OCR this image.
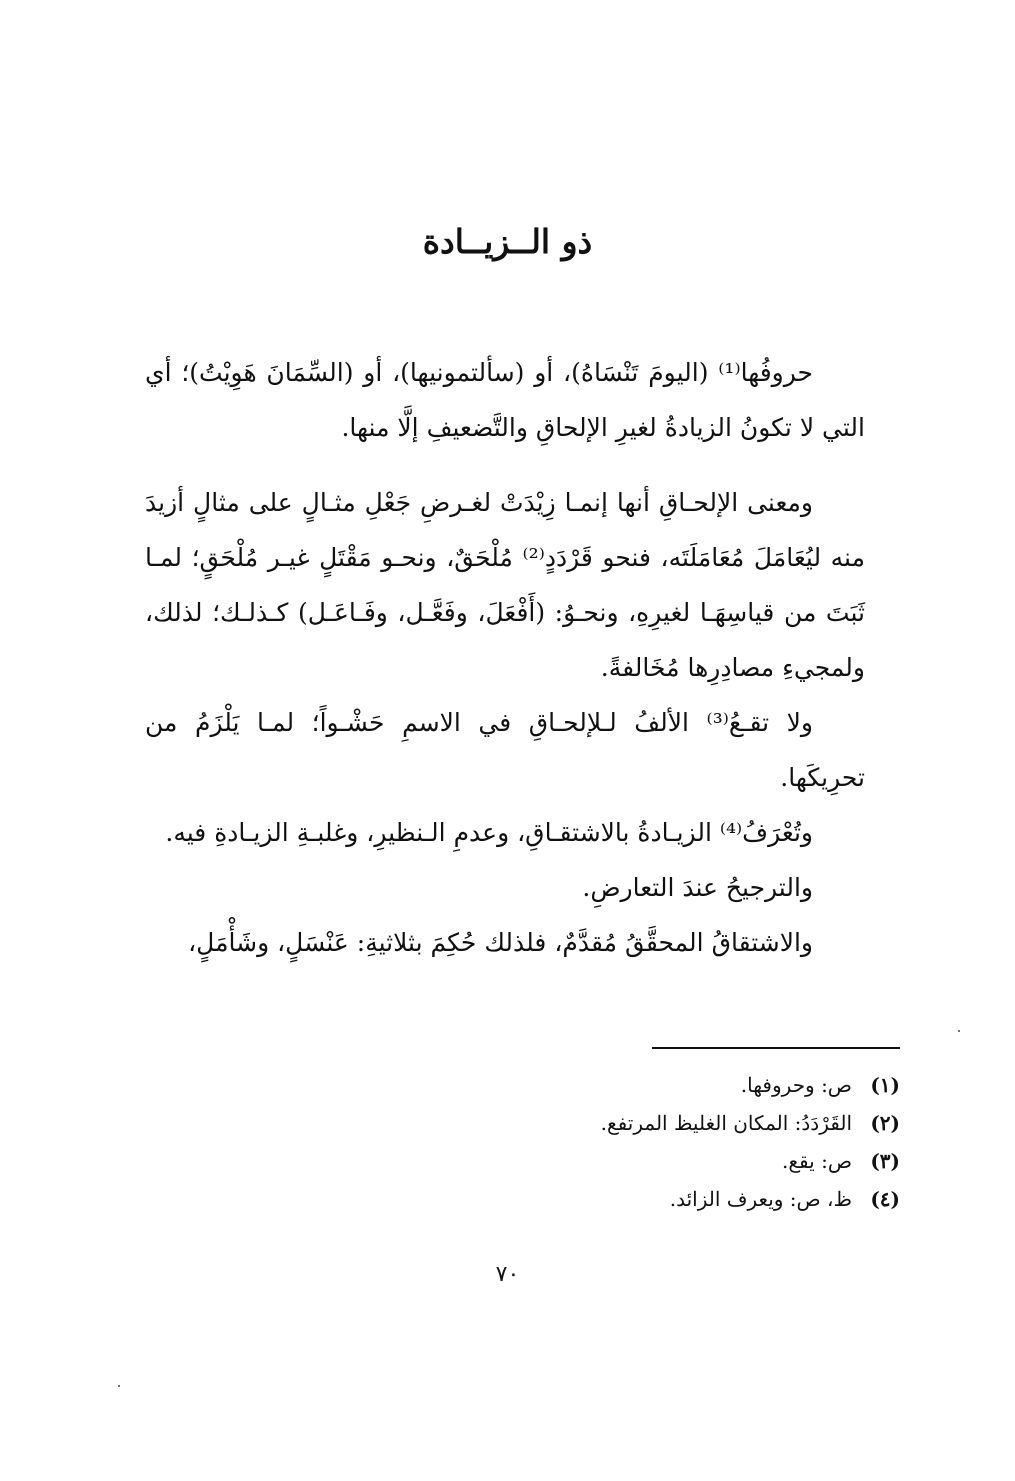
ذو الــزيــادة

حروفُها⁽¹⁾ (اليومَ تَنْسَاهُ)، أو (سألتمونيها)، أو (السِّمَانَ هَوِيْتُ)؛ أي التي لا تكونُ الزيادةُ لغيرِ الإلحاقِ والتَّضعيفِ إلَّا منها.

ومعنى الإلحـاقِ أنها إنمـا زِيْدَتْ لغـرضِ جَعْلِ مثـالٍ على مثالٍ أزيدَ منه ليُعَامَلَ مُعَامَلَتَه، فنحو قَرْدَدٍ⁽²⁾ مُلْحَقٌ، ونحـو مَقْتَلٍ غيـر مُلْحَقٍ؛ لمـا ثَبَتَ من قياسِهَـا لغيرِهِ، ونحـوُ: (أَفْعَلَ، وفَعَّـل، وفَـاعَـل) كـذلـك؛ لذلك، ولمجيءِ مصادِرِها مُخَالفةً.

ولا تقـعُ⁽³⁾ الألفُ لـلإلحـاقِ في الاسمِ حَشْـواً؛ لمـا يَلْزَمُ من تحرِيكَها.

وتُعْرَفُ⁽⁴⁾ الزيـادةُ بالاشتقـاقِ، وعدمِ الـنظيرِ، وغلبـةِ الزيـادةِ فيه.

والترجيحُ عندَ التعارضِ.

والاشتقاقُ المحقَّقُ مُقدَّمٌ، فلذلك حُكِمَ بثلاثيةِ: عَنْسَلٍ، وشَأْمَلٍ،

(١)
ص: وحروفها.
(٢)
القَرْدَدُ: المكان الغليظ المرتفع.
(٣)
ص: يقع.
(٤)
ظ، ص: ويعرف الزائد.
٧٠
